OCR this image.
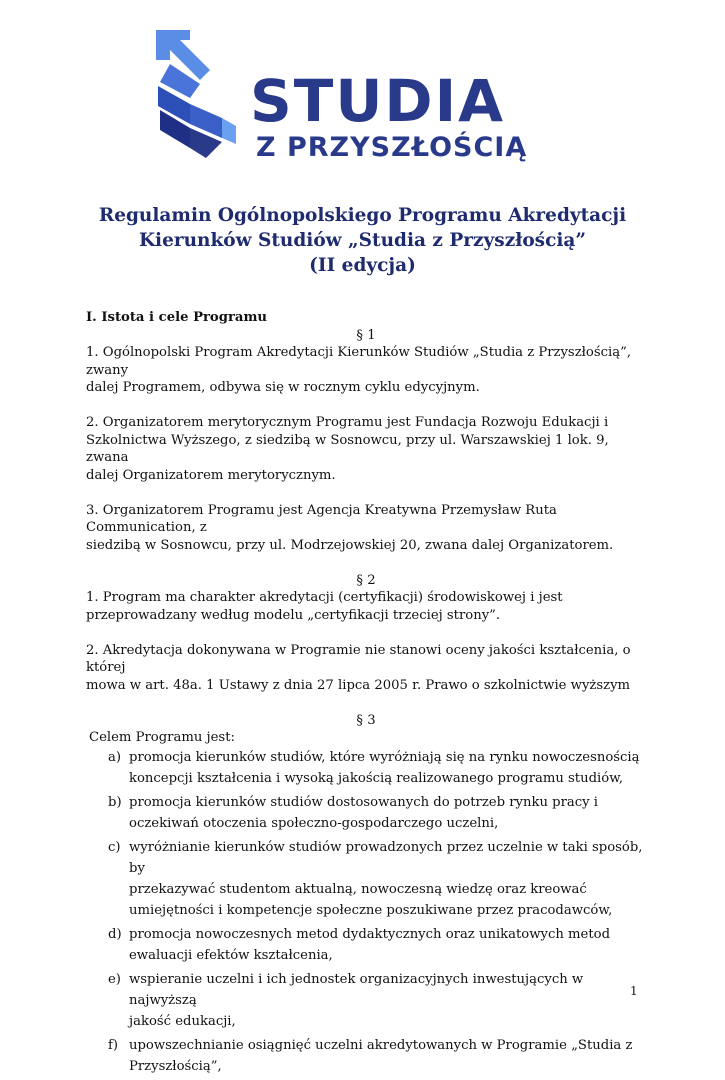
STUDIA
Z PRZYSZŁOŚCIĄ
Regulamin Ogólnopolskiego Programu Akredytacji
Kierunków Studiów „Studia z Przyszłością”
(II edycja)

I. Istota i cele Programu

§ 1

1. Ogólnopolski Program Akredytacji Kierunków Studiów „Studia z Przyszłością”, zwany

dalej Programem, odbywa się w rocznym cyklu edycyjnym.

2. Organizatorem merytorycznym Programu jest Fundacja Rozwoju Edukacji i

Szkolnictwa Wyższego, z siedzibą w Sosnowcu, przy ul. Warszawskiej 1 lok. 9, zwana

dalej Organizatorem merytorycznym.

3. Organizatorem Programu jest Agencja Kreatywna Przemysław Ruta Communication, z

siedzibą w Sosnowcu, przy ul. Modrzejowskiej 20, zwana dalej Organizatorem.

§ 2

1. Program ma charakter akredytacji (certyfikacji) środowiskowej i jest

przeprowadzany według modelu „certyfikacji trzeciej strony”.

2. Akredytacja dokonywana w Programie nie stanowi oceny jakości kształcenia, o której

mowa w art. 48a. 1 Ustawy z dnia 27 lipca 2005 r. Prawo o szkolnictwie wyższym

§ 3

Celem Programu jest:

a) promocja kierunków studiów, które wyróżniają się na rynku nowoczesnością
koncepcji kształcenia i wysoką jakością realizowanego programu studiów,
b) promocja kierunków studiów dostosowanych do potrzeb rynku pracy i
oczekiwań otoczenia społeczno-gospodarczego uczelni,
c) wyróżnianie kierunków studiów prowadzonych przez uczelnie w taki sposób, by
przekazywać studentom aktualną, nowoczesną wiedzę oraz kreować
umiejętności i kompetencje społeczne poszukiwane przez pracodawców,
d) promocja nowoczesnych metod dydaktycznych oraz unikatowych metod
ewaluacji efektów kształcenia,
e) wspieranie uczelni i ich jednostek organizacyjnych inwestujących w najwyższą
jakość edukacji,
f) upowszechnianie osiągnięć uczelni akredytowanych w Programie „Studia z
Przyszłością”,
1
